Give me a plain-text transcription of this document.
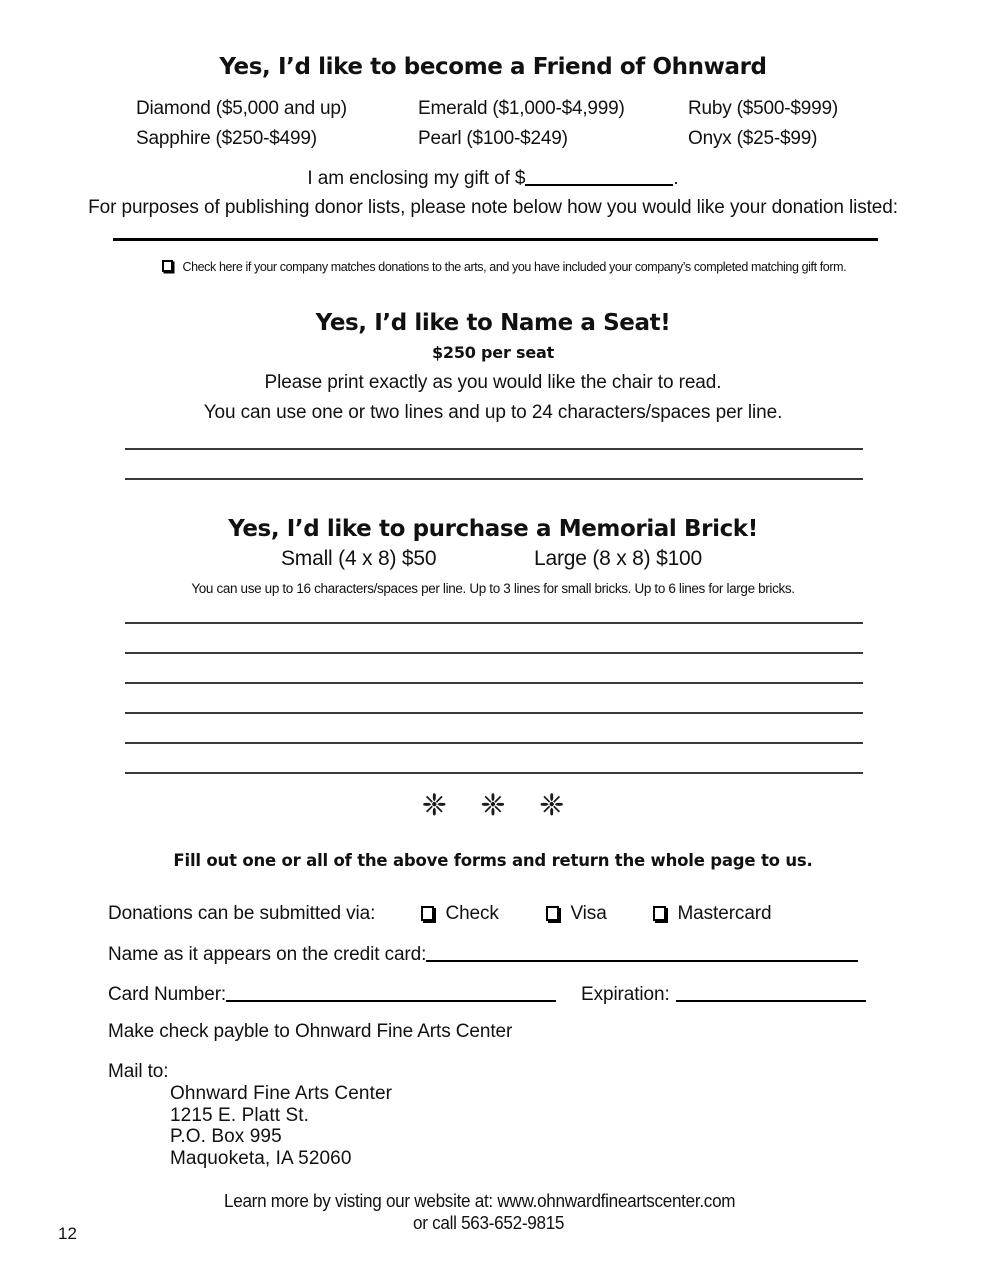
Yes, I’d like to become a Friend of Ohnward
Diamond ($5,000 and up)	Emerald ($1,000-$4,999)	Ruby ($500-$999)
Sapphire ($250-$499)	Pearl ($100-$249)	Onyx ($25-$99)
I am enclosing my gift of $	.
For purposes of publishing donor lists, please note below how you would like your donation listed:
Check here if your company matches donations to the arts, and you have included your company’s completed matching gift form.
Yes, I’d like to Name a Seat!
$250 per seat
Please print exactly as you would like the chair to read.
You can use one or two lines and up to 24 characters/spaces per line.
Yes, I’d like to purchase a Memorial Brick!
Small (4 x 8) $50	Large (8 x 8) $100
You can use up to 16 characters/spaces per line. Up to 3 lines for small bricks. Up to 6 lines for large bricks.
❈ ❈ ❈
Fill out one or all of the above forms and return the whole page to us.
Donations can be submitted via:	Check	Visa	Mastercard
Name as it appears on the credit card:
Card Number:	Expiration:
Make check payble to Ohnward Fine Arts Center
Mail to:
Ohnward Fine Arts Center
1215 E. Platt St.
P.O. Box 995
Maquoketa, IA 52060
Learn more by visting our website at: www.ohnwardfineartscenter.com
or call 563-652-9815
12
